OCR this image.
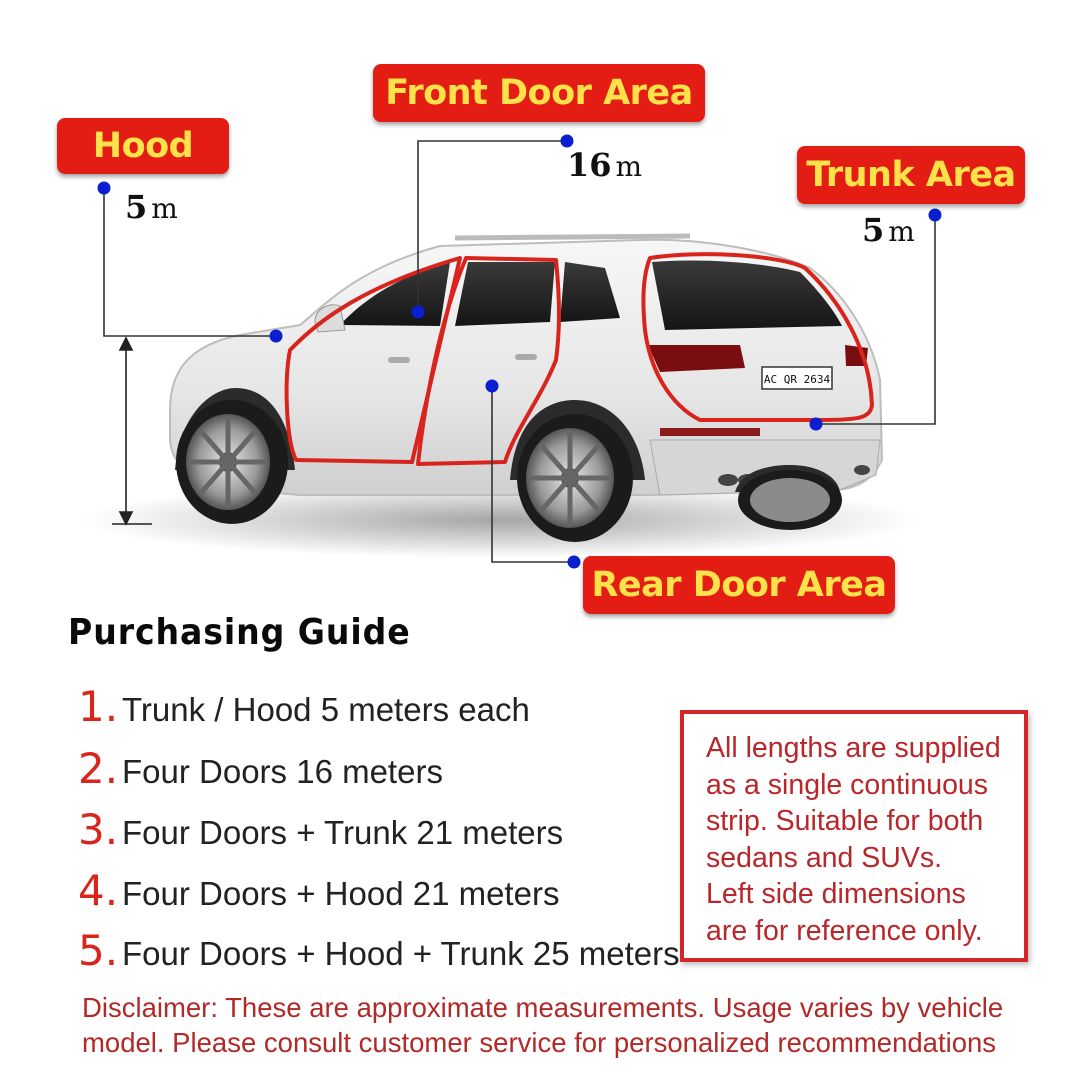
AC QR 2634
Hood
5 m
Front Door Area
16 m	Trunk Area
5 m
Rear Door Area
Purchasing Guide
1. Trunk / Hood 5 meters each
2. Four Doors 16 meters
3. Four Doors + Trunk 21 meters
4. Four Doors + Hood 21 meters
5. Four Doors + Hood + Trunk 25 meters

All lengths are supplied as a single continuous strip. Suitable for both sedans and SUVs.

Left side dimensions are for reference only.

Disclaimer: These are approximate measurements. Usage varies by vehicle

model. Please consult customer service for personalized recommendations
